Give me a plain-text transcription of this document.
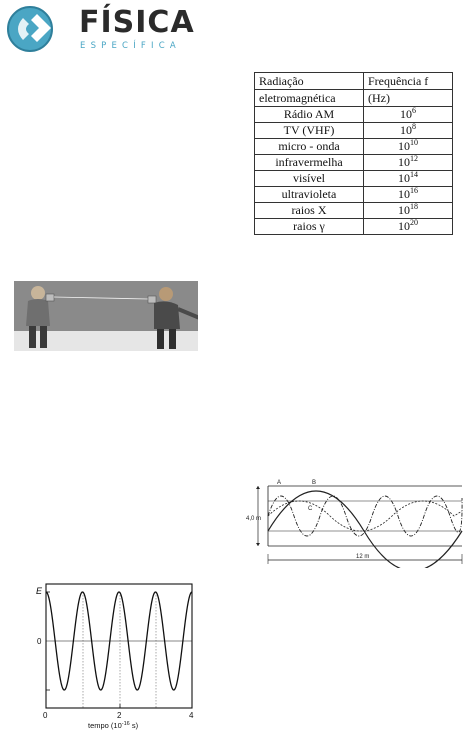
FÍSICA
ESPECÍFICA
Radiação	Frequência f
eletromagnética	(Hz)
Rádio AM	$10^6$
TV (VHF)	$10^8$
micro - onda	$10^{10}$
infravermelha	$10^{12}$
visível	$10^{14}$
ultravioleta	$10^{16}$
raios X	$10^{18}$
raios γ	$10^{20}$
4,0 m
12 m
A	B
C
E
0
0	2	4
tempo ($10^{-16}$ s)
